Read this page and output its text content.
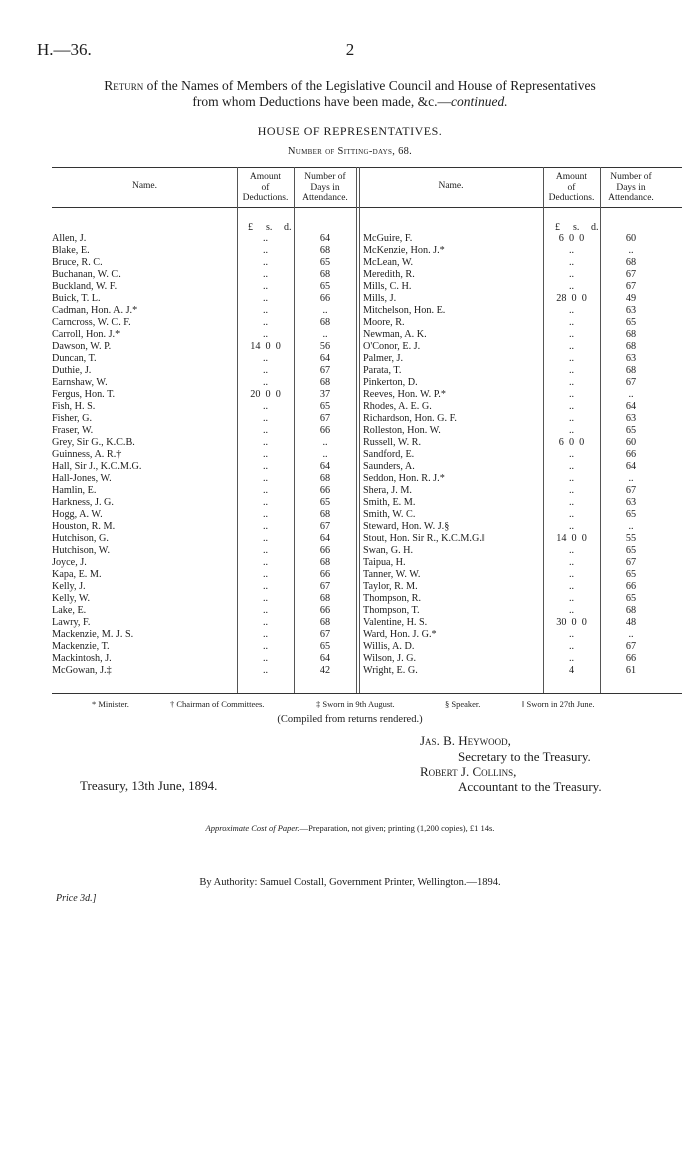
H.—36.	2
Return of the Names of Members of the Legislative Council and House of Representatives
from whom Deductions have been made, &c.—continued.
HOUSE OF REPRESENTATIVES.
Number of Sitting-days, 68.
Name.
Amount
of
Deductions.
Number of
Days in
Attendance.
Name.
Amount
of
Deductions.
Number of
Days in
Attendance.
£ s. d.	£ s. d.
Allen, J.	..	64
Blake, E.	..	68
Bruce, R. C.	..	65
Buchanan, W. C.	..	68
Buckland, W. F.	..	65
Buick, T. L.	..	66
Cadman, Hon. A. J.*	..	..
Carncross, W. C. F.	..	68
Carroll, Hon. J.*	..	..
Dawson, W. P.	14  0  0	56
Duncan, T.	..	64
Duthie, J.	..	67
Earnshaw, W.	..	68
Fergus, Hon. T.	20  0  0	37
Fish, H. S.	..	65
Fisher, G.	..	67
Fraser, W.	..	66
Grey, Sir G., K.C.B.	..	..
Guinness, A. R.†	..	..
Hall, Sir J., K.C.M.G.	..	64
Hall-Jones, W.	..	68
Hamlin, E.	..	66
Harkness, J. G.	..	65
Hogg, A. W.	..	68
Houston, R. M.	..	67
Hutchison, G.	..	64
Hutchison, W.	..	66
Joyce, J.	..	68
Kapa, E. M.	..	66
Kelly, J.	..	67
Kelly, W.	..	68
Lake, E.	..	66
Lawry, F.	..	68
Mackenzie, M. J. S.	..	67
Mackenzie, T.	..	65
Mackintosh, J.	..	64
McGowan, J.‡	..	42
McGuire, F.	6  0  0	60
McKenzie, Hon. J.*	..	..
McLean, W.	..	68
Meredith, R.	..	67
Mills, C. H.	..	67
Mills, J.	28  0  0	49
Mitchelson, Hon. E.	..	63
Moore, R.	..	65
Newman, A. K.	..	68
O'Conor, E. J.	..	68
Palmer, J.	..	63
Parata, T.	..	68
Pinkerton, D.	..	67
Reeves, Hon. W. P.*	..	..
Rhodes, A. E. G.	..	64
Richardson, Hon. G. F.	..	63
Rolleston, Hon. W.	..	65
Russell, W. R.	6  0  0	60
Sandford, E.	..	66
Saunders, A.	..	64
Seddon, Hon. R. J.*	..	..
Shera, J. M.	..	67
Smith, E. M.	..	63
Smith, W. C.	..	65
Steward, Hon. W. J.§	..	..
Stout, Hon. Sir R., K.C.M.G.‖	14  0  0	55
Swan, G. H.	..	65
Taipua, H.	..	67
Tanner, W. W.	..	65
Taylor, R. M.	..	66
Thompson, R.	..	65
Thompson, T.	..	68
Valentine, H. S.	30  0  0	48
Ward, Hon. J. G.*	..	..
Willis, A. D.	..	67
Wilson, J. G.	..	66
Wright, E. G.	4	61
* Minister.	† Chairman of Committees.	‡ Sworn in 9th August.	§ Speaker.	‖ Sworn in 27th June.
(Compiled from returns rendered.)
Jas. B. Heywood,
Secretary to the Treasury.
Robert J. Collins,
Accountant to the Treasury.
Treasury, 13th June, 1894.
Approximate Cost of Paper.—Preparation, not given; printing (1,200 copies), £1 14s.
By Authority: Samuel Costall, Government Printer, Wellington.—1894.
Price 3d.]
